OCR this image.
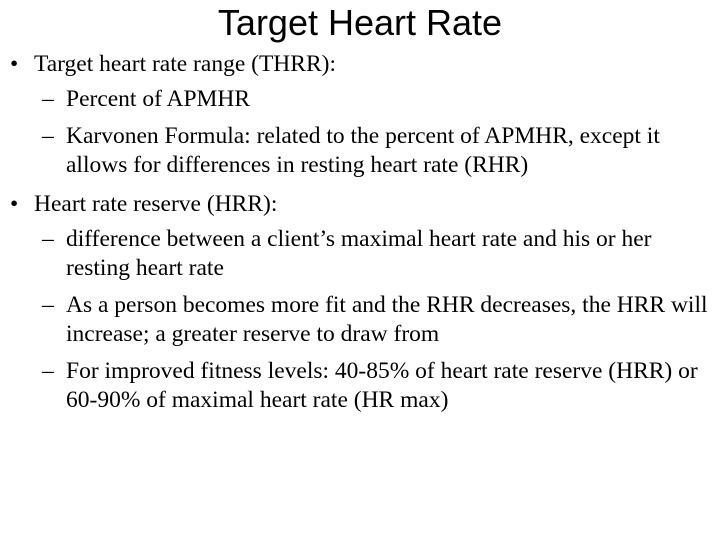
Target Heart Rate
• Target heart rate range (THRR):
– Percent of APMHR
– Karvonen Formula: related to the percent of APMHR, except it allows for differences in resting heart rate (RHR)
• Heart rate reserve (HRR):
– difference between a client’s maximal heart rate and his or her resting heart rate
– As a person becomes more fit and the RHR decreases, the HRR will increase; a greater reserve to draw from
– For improved fitness levels: 40-85% of heart rate reserve (HRR) or 60-90% of maximal heart rate (HR max)
